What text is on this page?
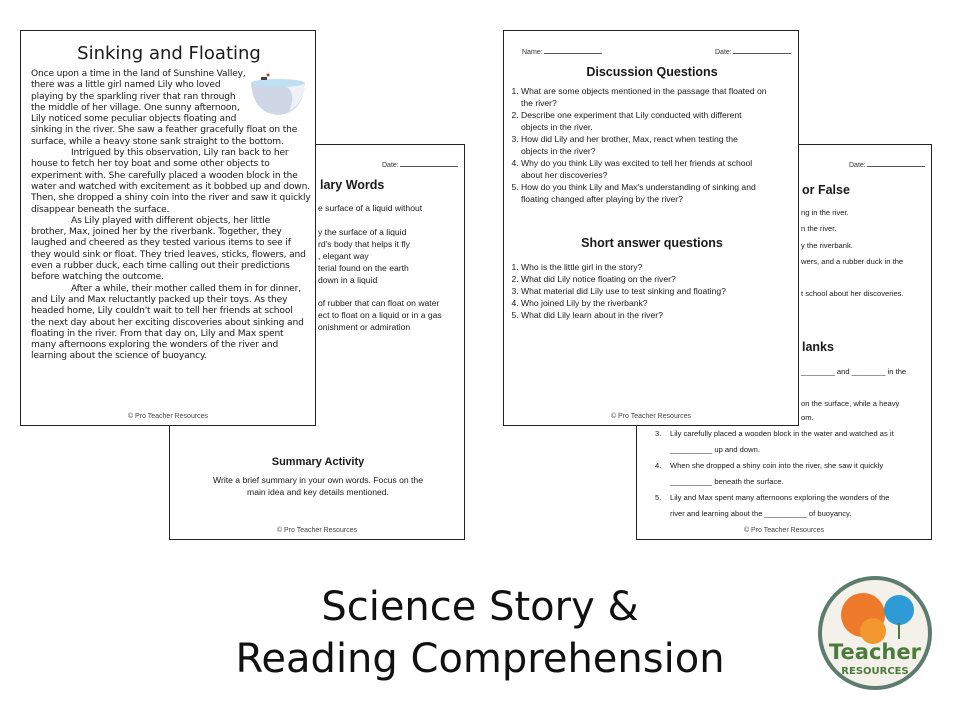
Date:
lary Words
e surface of a liquid without
y the surface of a liquid
rd's body that helps it fly
, elegant way
terial found on the earth
down in a liquid
of rubber that can float on water
ect to float on a liquid or in a gas
onishment or admiration
Summary Activity
Write a brief summary in your own words. Focus on the
main idea and key details mentioned.
© Pro Teacher Resources
Sinking and Floating
Once upon a time in the land of Sunshine Valley,
there was a little girl named Lily who loved
playing by the sparkling river that ran through
the middle of her village. One sunny afternoon,
Lily noticed some peculiar objects floating and
sinking in the river. She saw a feather gracefully float on the
surface, while a heavy stone sank straight to the bottom.
Intrigued by this observation, Lily ran back to her
house to fetch her toy boat and some other objects to
experiment with. She carefully placed a wooden block in the
water and watched with excitement as it bobbed up and down.
Then, she dropped a shiny coin into the river and saw it quickly
disappear beneath the surface.
As Lily played with different objects, her little
brother, Max, joined her by the riverbank. Together, they
laughed and cheered as they tested various items to see if
they would sink or float. They tried leaves, sticks, flowers, and
even a rubber duck, each time calling out their predictions
before watching the outcome.
After a while, their mother called them in for dinner,
and Lily and Max reluctantly packed up their toys. As they
headed home, Lily couldn't wait to tell her friends at school
the next day about her exciting discoveries about sinking and
floating in the river. From that day on, Lily and Max spent
many afternoons exploring the wonders of the river and
learning about the science of buoyancy.
© Pro Teacher Resources
Date:
or False
ng in the river.
n the river.
y the riverbank.
wers, and a rubber duck in the
t school about her discoveries.
lanks
________ and ________ in the
on the surface, while a heavy
om.
3. Lily carefully placed a wooden block in the water and watched as it
__________ up and down.
4. When she dropped a shiny coin into the river, she saw it quickly
__________ beneath the surface.
5. Lily and Max spent many afternoons exploring the wonders of the
river and learning about the __________ of buoyancy.
© Pro Teacher Resources
Name:	Date:
Discussion Questions
1. What are some objects mentioned in the passage that floated on
the river?
2. Describe one experiment that Lily conducted with different
objects in the river.
3. How did Lily and her brother, Max, react when testing the
objects in the river?
4. Why do you think Lily was excited to tell her friends at school
about her discoveries?
5. How do you think Lily and Max's understanding of sinking and
floating changed after playing by the river?
Short answer questions
1. Who is the little girl in the story?
2. What did Lily notice floating on the river?
3. What material did Lily use to test sinking and floating?
4. Who joined Lily by the riverbank?
5. What did Lily learn about in the river?
© Pro Teacher Resources
Science Story &
Reading Comprehension	Teacher
RESOURCES
